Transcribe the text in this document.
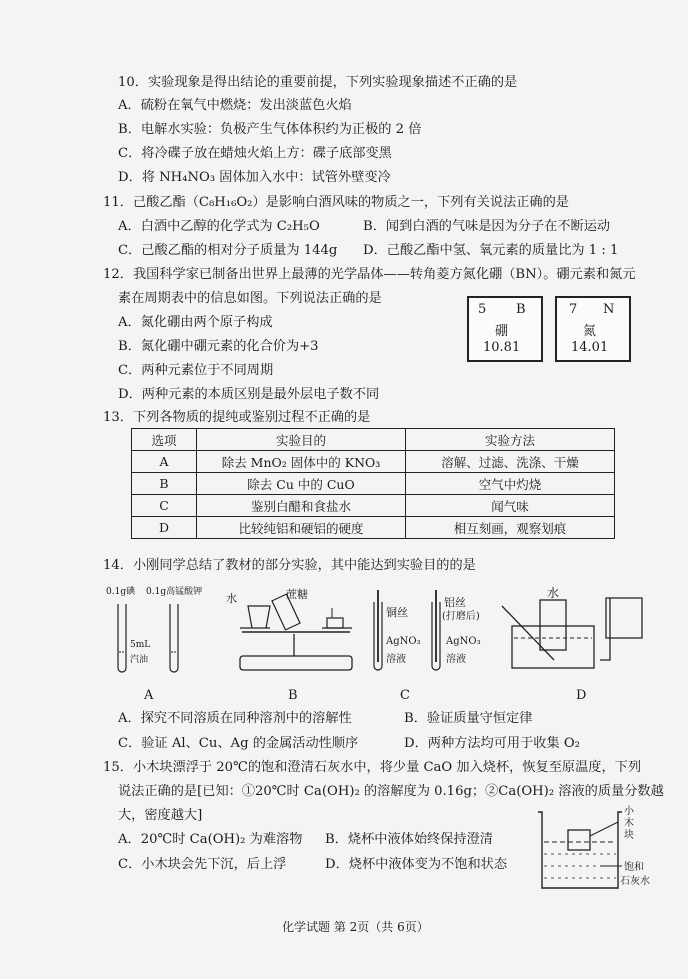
10．实验现象是得出结论的重要前提，下列实验现象描述不正确的是
A．硫粉在氧气中燃烧：发出淡蓝色火焰
B．电解水实验：负极产生气体体积约为正极的 2 倍
C．将冷碟子放在蜡烛火焰上方：碟子底部变黑
D．将 NH₄NO₃ 固体加入水中：试管外壁变冷
11．己酸乙酯（C₈H₁₆O₂）是影响白酒风味的物质之一，下列有关说法正确的是
A．白酒中乙醇的化学式为 C₂H₅O	B．闻到白酒的气味是因为分子在不断运动
C．己酸乙酯的相对分子质量为 144g D．己酸乙酯中氢、氧元素的质量比为 1 : 1
12．我国科学家已制备出世界上最薄的光学晶体——转角菱方氮化硼（BN）。硼元素和氮元
素在周期表中的信息如图。下列说法正确的是
A．氮化硼由两个原子构成
B．氮化硼中硼元素的化合价为+3
C．两种元素位于不同周期
D．两种元素的本质区别是最外层电子数不同
5 B
硼
10.81
7 N
氮
14.01
13．下列各物质的提纯或鉴别过程不正确的是
选项	实验目的	实验方法
A	除去 MnO₂ 固体中的 KNO₃	溶解、过滤、洗涤、干燥
B	除去 Cu 中的 CuO	空气中灼烧
C	鉴别白醋和食盐水	闻气味
D	比较纯铝和硬铝的硬度	相互刻画，观察划痕
14．小刚同学总结了教材的部分实验，其中能达到实验目的的是
0.1g碘 0.1g高锰酸钾
5mL
汽油
A
水	蔗糖
B
铜丝
铝丝
(打磨后)
AgNO₃
溶液
AgNO₃
溶液
C
水
D
A．探究不同溶质在同种溶剂中的溶解性	B．验证质量守恒定律
C．验证 Al、Cu、Ag 的金属活动性顺序	D．两种方法均可用于收集 O₂
15．小木块漂浮于 20℃的饱和澄清石灰水中，将少量 CaO 加入烧杯，恢复至原温度，下列
说法正确的是[已知：①20℃时 Ca(OH)₂ 的溶解度为 0.16g；②Ca(OH)₂ 溶液的质量分数越
大，密度越大]
A．20℃时 Ca(OH)₂ 为难溶物 B．烧杯中液体始终保持澄清
C．小木块会先下沉，后上浮	D．烧杯中液体变为不饱和状态
小
木
块
饱和
石灰水
化学试题 第 2页（共 6页）
